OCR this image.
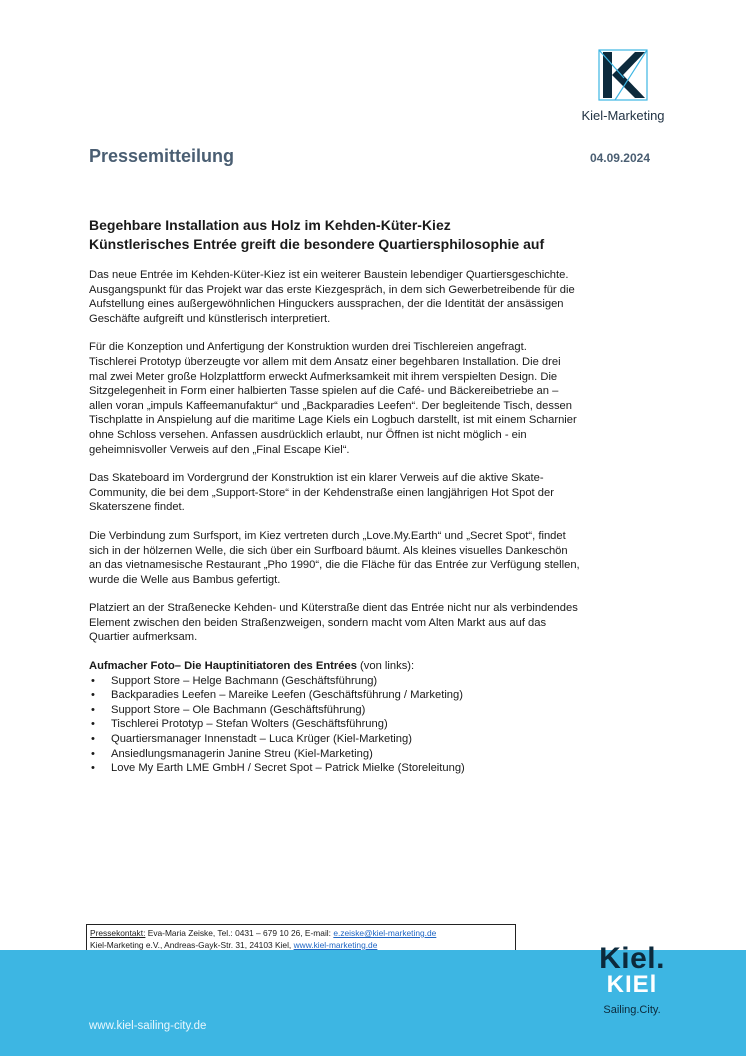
Kiel-Marketing
Pressemitteilung	04.09.2024
Begehbare Installation aus Holz im Kehden-Küter-Kiez
Künstlerisches Entrée greift die besondere Quartiersphilosophie auf
Das neue Entrée im Kehden-Küter-Kiez ist ein weiterer Baustein lebendiger Quartiersgeschichte.
Ausgangspunkt für das Projekt war das erste Kiezgespräch, in dem sich Gewerbetreibende für die
Aufstellung eines außergewöhnlichen Hinguckers aussprachen, der die Identität der ansässigen
Geschäfte aufgreift und künstlerisch interpretiert.
Für die Konzeption und Anfertigung der Konstruktion wurden drei Tischlereien angefragt.
Tischlerei Prototyp überzeugte vor allem mit dem Ansatz einer begehbaren Installation. Die drei
mal zwei Meter große Holzplattform erweckt Aufmerksamkeit mit ihrem verspielten Design. Die
Sitzgelegenheit in Form einer halbierten Tasse spielen auf die Café- und Bäckereibetriebe an –
allen voran „impuls Kaffeemanufaktur“ und „Backparadies Leefen“. Der begleitende Tisch, dessen
Tischplatte in Anspielung auf die maritime Lage Kiels ein Logbuch darstellt, ist mit einem Scharnier
ohne Schloss versehen. Anfassen ausdrücklich erlaubt, nur Öffnen ist nicht möglich - ein
geheimnisvoller Verweis auf den „Final Escape Kiel“.
Das Skateboard im Vordergrund der Konstruktion ist ein klarer Verweis auf die aktive Skate-
Community, die bei dem „Support-Store“ in der Kehdenstraße einen langjährigen Hot Spot der
Skaterszene findet.
Die Verbindung zum Surfsport, im Kiez vertreten durch „Love.My.Earth“ und „Secret Spot“, findet
sich in der hölzernen Welle, die sich über ein Surfboard bäumt. Als kleines visuelles Dankeschön
an das vietnamesische Restaurant „Pho 1990“, die die Fläche für das Entrée zur Verfügung stellen,
wurde die Welle aus Bambus gefertigt.
Platziert an der Straßenecke Kehden- und Küterstraße dient das Entrée nicht nur als verbindendes
Element zwischen den beiden Straßenzweigen, sondern macht vom Alten Markt aus auf das
Quartier aufmerksam.
Aufmacher Foto– Die Hauptinitiatoren des Entrées (von links):
• Support Store – Helge Bachmann (Geschäftsführung)
• Backparadies Leefen – Mareike Leefen (Geschäftsführung / Marketing)
• Support Store – Ole Bachmann (Geschäftsführung)
• Tischlerei Prototyp – Stefan Wolters (Geschäftsführung)
• Quartiersmanager Innenstadt – Luca Krüger (Kiel-Marketing)
• Ansiedlungsmanagerin Janine Streu (Kiel-Marketing)
• Love My Earth LME GmbH / Secret Spot – Patrick Mielke (Storeleitung)
Pressekontakt: Eva-Maria Zeiske, Tel.: 0431 – 679 10 26, E-mail: e.zeiske@kiel-marketing.de
Kiel-Marketing e.V., Andreas-Gayk-Str. 31, 24103 Kiel, www.kiel-marketing.de
www.kiel-sailing-city.de
Kiel.
KIEl
Sailing.City.
